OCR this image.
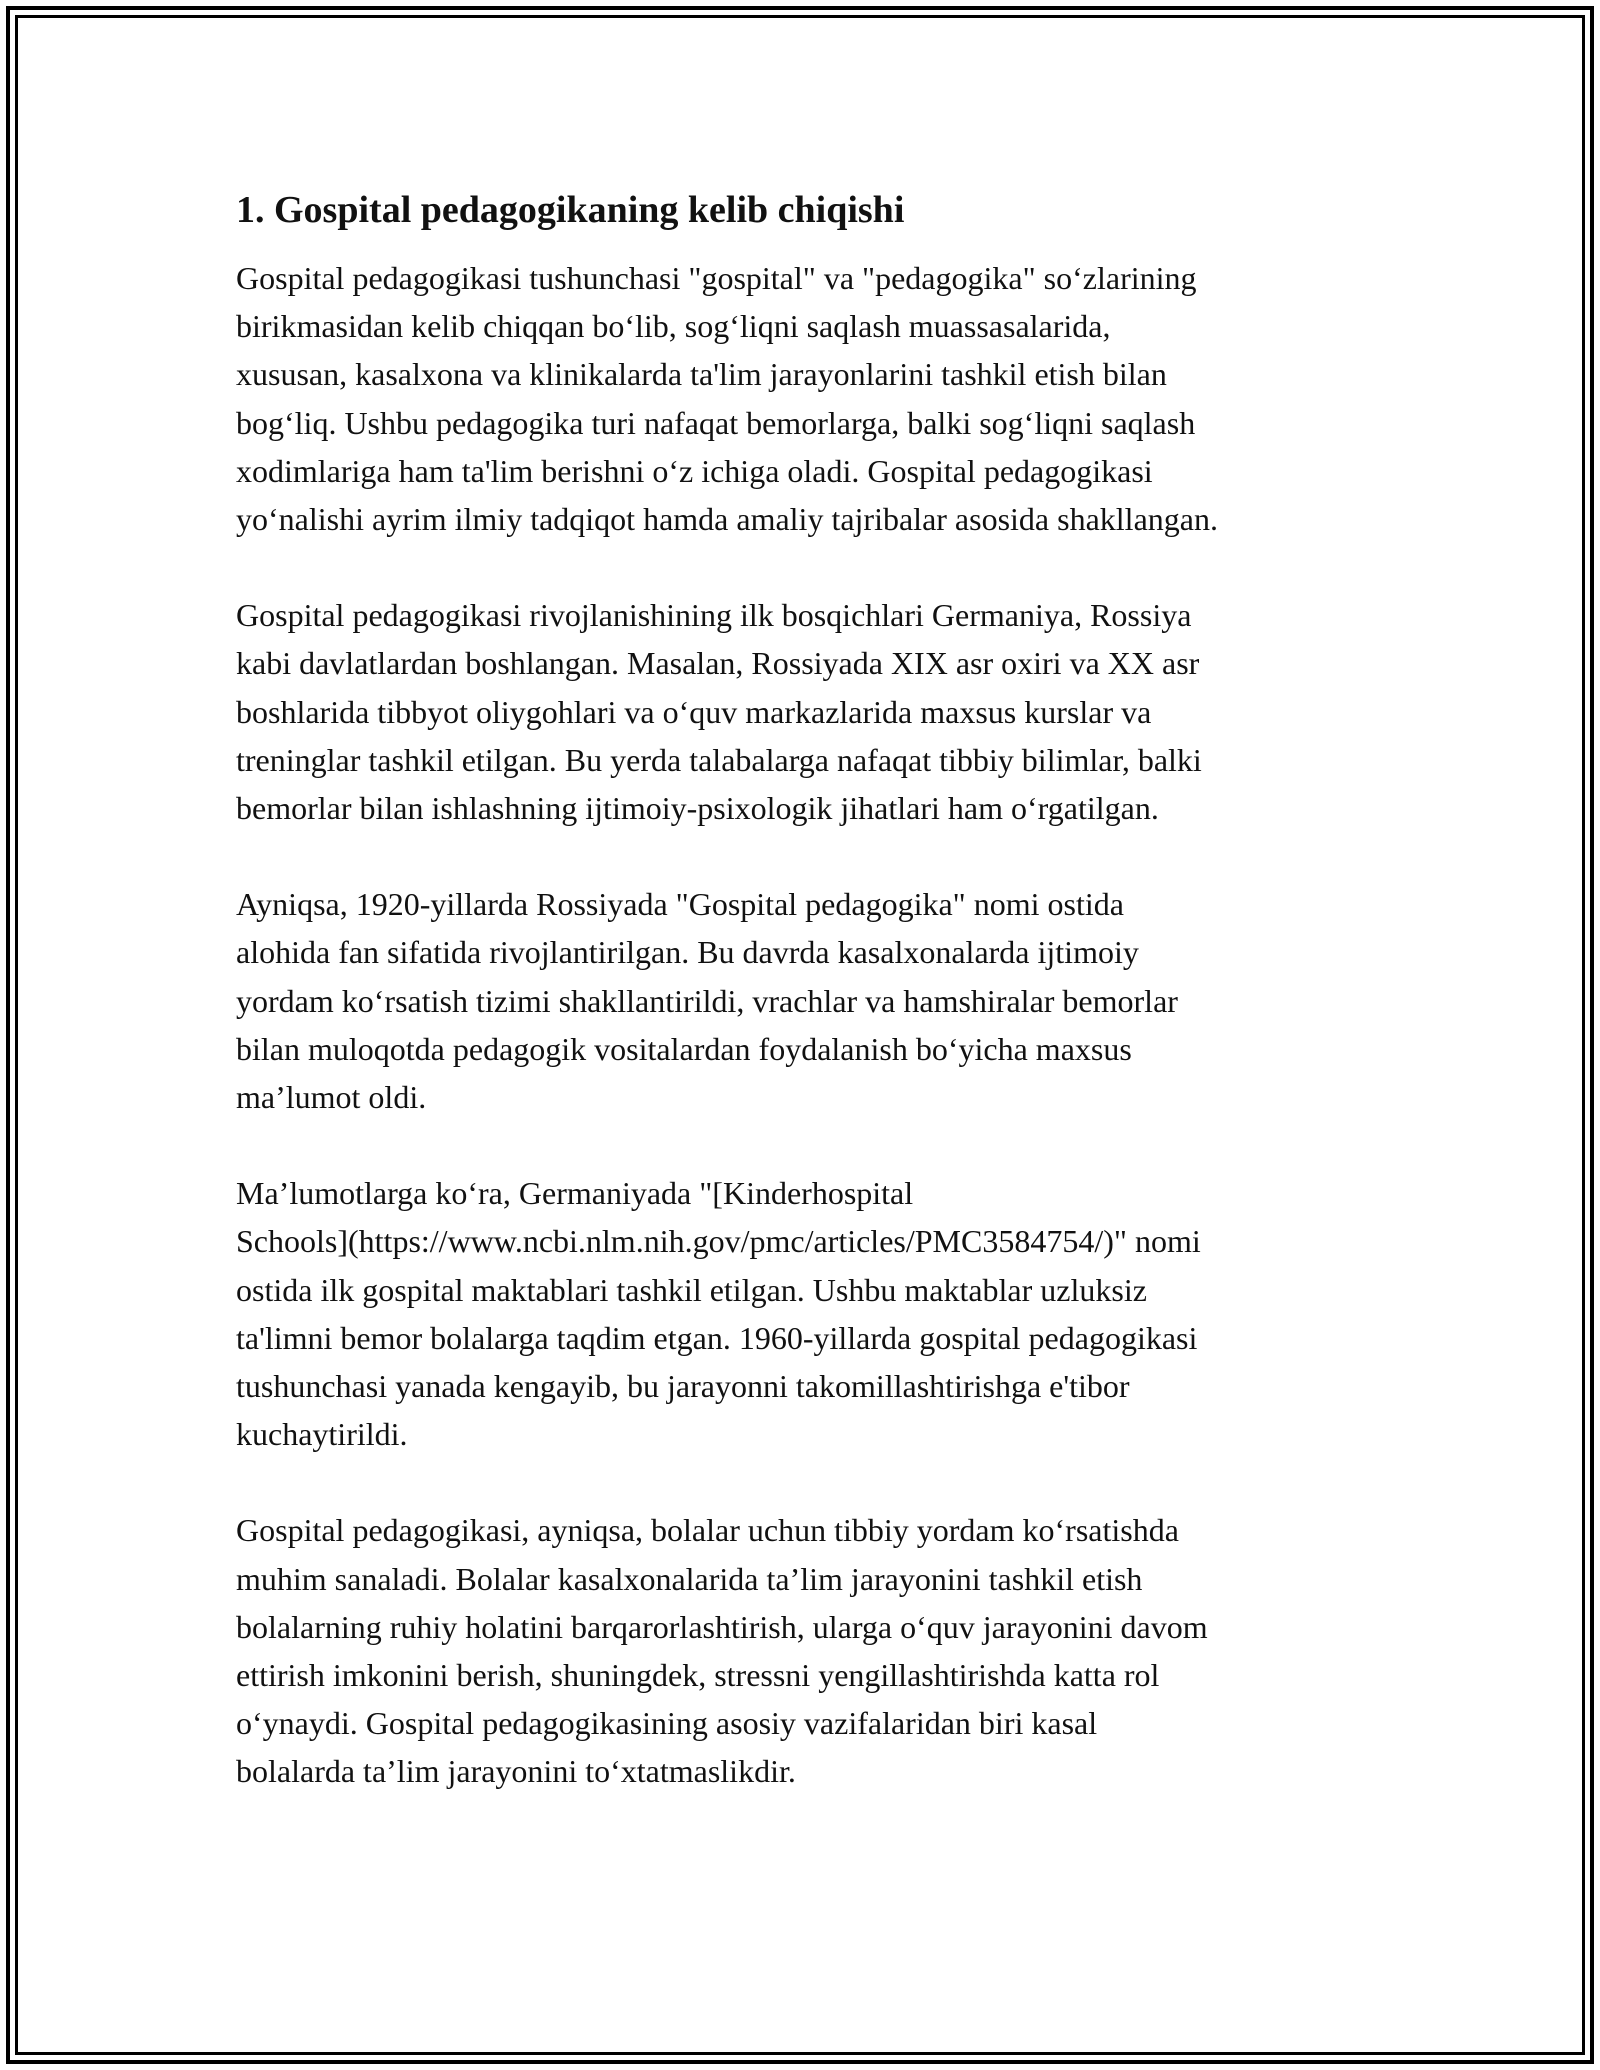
1. Gospital pedagogikaning kelib chiqishi

Gospital pedagogikasi tushunchasi "gospital" va "pedagogika" so‘zlarining
birikmasidan kelib chiqqan bo‘lib, sog‘liqni saqlash muassasalarida,
xususan, kasalxona va klinikalarda ta'lim jarayonlarini tashkil etish bilan
bog‘liq. Ushbu pedagogika turi nafaqat bemorlarga, balki sog‘liqni saqlash
xodimlariga ham ta'lim berishni o‘z ichiga oladi. Gospital pedagogikasi
yo‘nalishi ayrim ilmiy tadqiqot hamda amaliy tajribalar asosida shakllangan.

Gospital pedagogikasi rivojlanishining ilk bosqichlari Germaniya, Rossiya
kabi davlatlardan boshlangan. Masalan, Rossiyada XIX asr oxiri va XX asr
boshlarida tibbyot oliygohlari va o‘quv markazlarida maxsus kurslar va
treninglar tashkil etilgan. Bu yerda talabalarga nafaqat tibbiy bilimlar, balki
bemorlar bilan ishlashning ijtimoiy-psixologik jihatlari ham o‘rgatilgan.

Ayniqsa, 1920-yillarda Rossiyada "Gospital pedagogika" nomi ostida
alohida fan sifatida rivojlantirilgan. Bu davrda kasalxonalarda ijtimoiy
yordam ko‘rsatish tizimi shakllantirildi, vrachlar va hamshiralar bemorlar
bilan muloqotda pedagogik vositalardan foydalanish bo‘yicha maxsus
ma’lumot oldi.

Ma’lumotlarga ko‘ra, Germaniyada "[Kinderhospital
Schools](https://www.ncbi.nlm.nih.gov/pmc/articles/PMC3584754/)" nomi
ostida ilk gospital maktablari tashkil etilgan. Ushbu maktablar uzluksiz
ta'limni bemor bolalarga taqdim etgan. 1960-yillarda gospital pedagogikasi
tushunchasi yanada kengayib, bu jarayonni takomillashtirishga e'tibor
kuchaytirildi.

Gospital pedagogikasi, ayniqsa, bolalar uchun tibbiy yordam ko‘rsatishda
muhim sanaladi. Bolalar kasalxonalarida ta’lim jarayonini tashkil etish
bolalarning ruhiy holatini barqarorlashtirish, ularga o‘quv jarayonini davom
ettirish imkonini berish, shuningdek, stressni yengillashtirishda katta rol
o‘ynaydi. Gospital pedagogikasining asosiy vazifalaridan biri kasal
bolalarda ta’lim jarayonini to‘xtatmaslikdir.
